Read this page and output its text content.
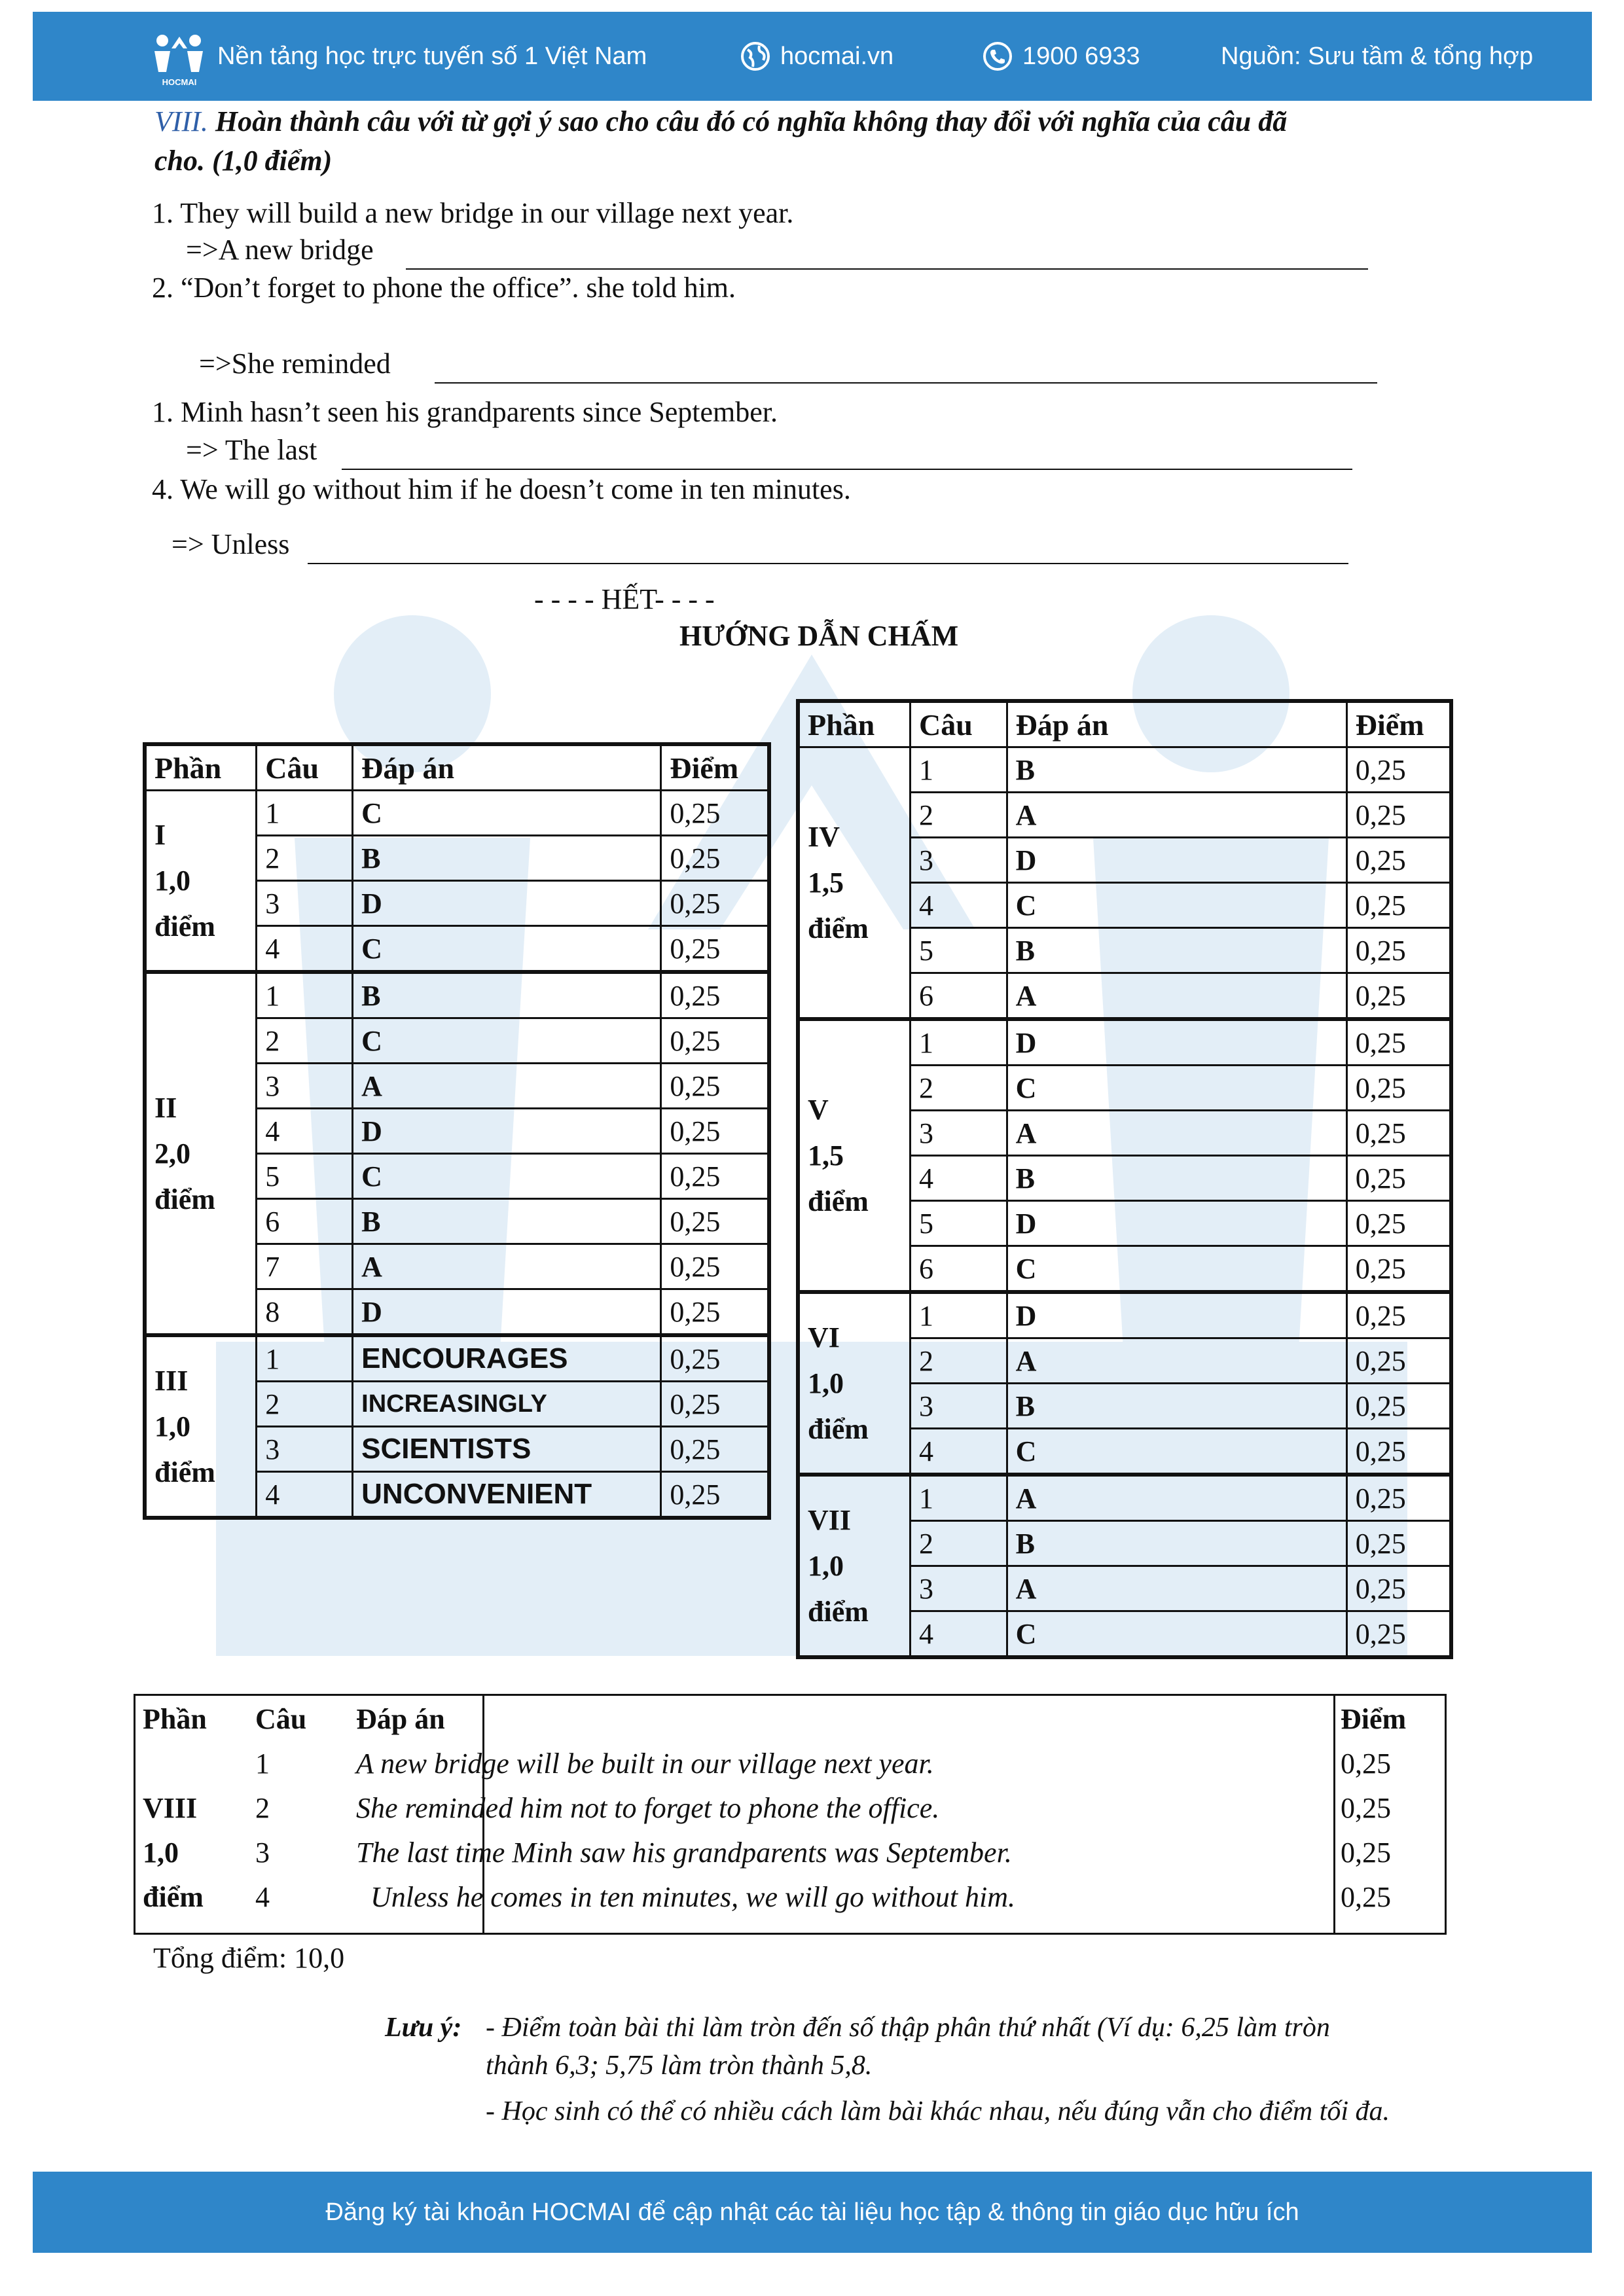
HOCMAI
Nền tảng học trực tuyến số 1 Việt Nam	hocmai.vn	1900 6933	Nguồn: Sưu tầm & tổng hợp
VIII. Hoàn thành câu với từ gợi ý sao cho câu đó có nghĩa không thay đổi với nghĩa của câu đã
cho. (1,0 điểm)
1. They will build a new bridge in our village next year.
=>A new bridge
2. “Don’t forget to phone the office”. she told him.
=>She reminded
1. Minh hasn’t seen his grandparents since September.
=> The last
4. We will go without him if he doesn’t come in ten minutes.
=> Unless
- - - - HẾT- - - -
HƯỚNG DẪN CHẤM
Phần	Câu	Đáp án	Điểm

I
1,0
điểm	1	C	0,25
	2	B	0,25
	3	D	0,25
	4	C	0,25

II
2,0
điểm	1	B	0,25
	2	C	0,25
	3	A	0,25
	4	D	0,25
	5	C	0,25
	6	B	0,25
	7	A	0,25
	8	D	0,25

III
1,0
điểm	1	ENCOURAGES	0,25
	2	INCREASINGLY	0,25
	3	SCIENTISTS	0,25
	4	UNCONVENIENT	0,25
Phần	Câu	Đáp án	Điểm

IV
1,5
điểm	1	B	0,25
	2	A	0,25
	3	D	0,25
	4	C	0,25
	5	B	0,25
	6	A	0,25

V
1,5
điểm	1	D	0,25
	2	C	0,25
	3	A	0,25
	4	B	0,25
	5	D	0,25
	6	C	0,25

VI
1,0
điểm	1	D	0,25
	2	A	0,25
	3	B	0,25
	4	C	0,25

VII
1,0
điểm	1	A	0,25
	2	B	0,25
	3	A	0,25
	4	C	0,25
Phần	Câu	Đáp án	Điểm
	1	A new bridge will be built in our village next year.	0,25
VIII	2	She reminded him not to forget to phone the office.	0,25
1,0	3	The last time Minh saw his grandparents was September.	0,25
điểm	4	Unless he comes in ten minutes, we will go without him.	0,25
Tổng điểm: 10,0
Lưu ý: - Điểm toàn bài thi làm tròn đến số thập phân thứ nhất (Ví dụ: 6,25 làm tròn
thành 6,3; 5,75 làm tròn thành 5,8.
- Học sinh có thể có nhiều cách làm bài khác nhau, nếu đúng vẫn cho điểm tối đa.
Đăng ký tài khoản HOCMAI để cập nhật các tài liệu học tập & thông tin giáo dục hữu ích
